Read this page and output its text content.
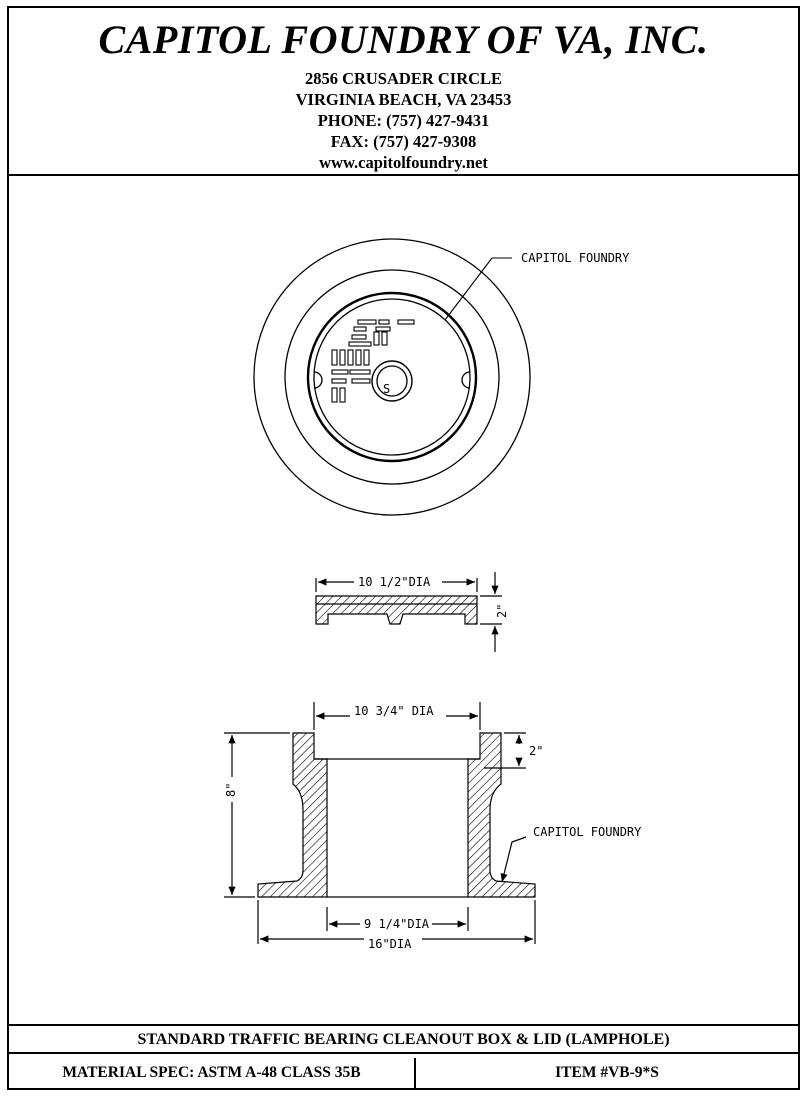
CAPITOL FOUNDRY OF VA, INC.
2856 CRUSADER CIRCLE
VIRGINIA BEACH, VA 23453
PHONE: (757) 427-9431
FAX: (757) 427-9308
www.capitolfoundry.net
S
CAPITOL FOUNDRY
10 1/2"DIA
2"
10 3/4" DIA
8"
2"
CAPITOL FOUNDRY
9 1/4"DIA
16"DIA
STANDARD TRAFFIC BEARING CLEANOUT BOX & LID (LAMPHOLE)
MATERIAL SPEC: ASTM A-48 CLASS 35B	ITEM #VB-9*S
